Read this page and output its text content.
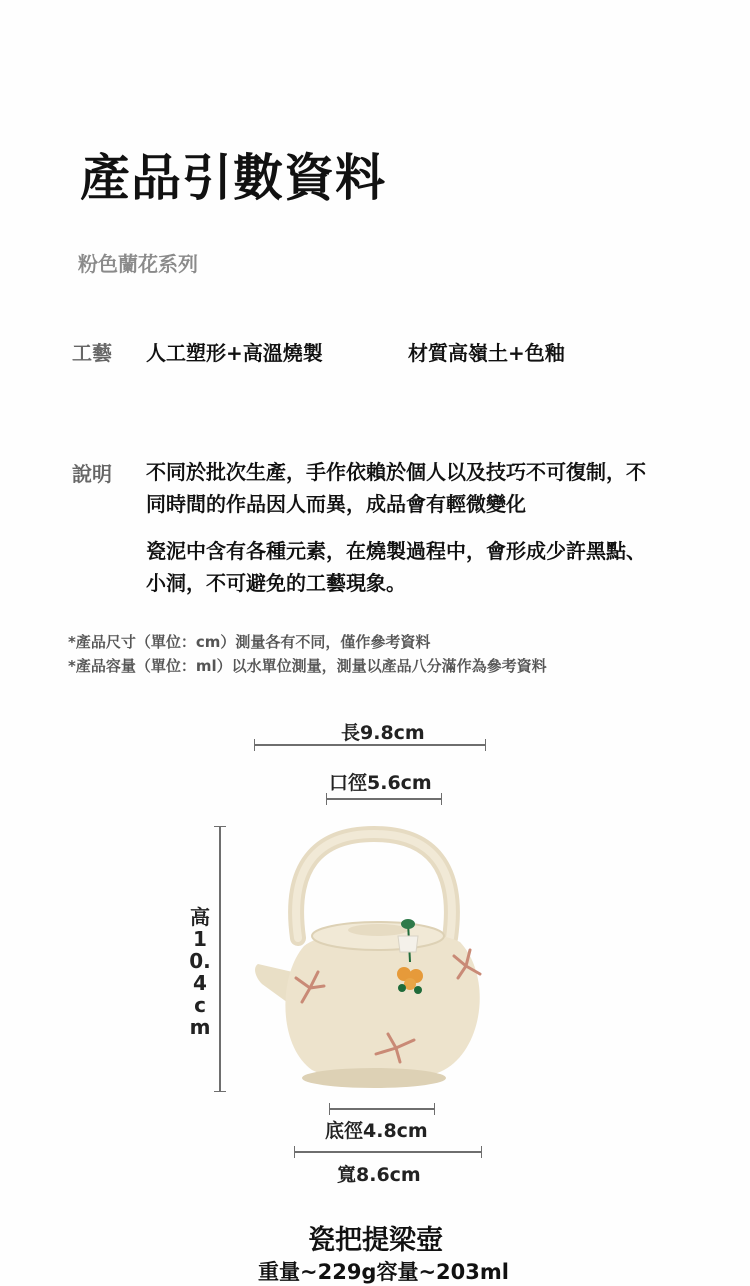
產品引數資料
粉色蘭花系列
工藝 人工塑形+高溫燒製	材質高嶺土+色釉
說明 不同於批次生產，手作依賴於個人以及技巧不可復制，不同時間的作品因人而異，成品會有輕微變化
瓷泥中含有各種元素，在燒製過程中，會形成少許黑點、小洞，不可避免的工藝現象。
*產品尺寸（單位：cm）測量各有不同，僅作參考資料
*產品容量（單位：ml）以水單位測量，測量以產品八分滿作為參考資料
長9.8cm
口徑5.6cm
高10.4cm
底徑4.8cm
寬8.6cm
瓷把提梁壺
重量~229g容量~203ml
